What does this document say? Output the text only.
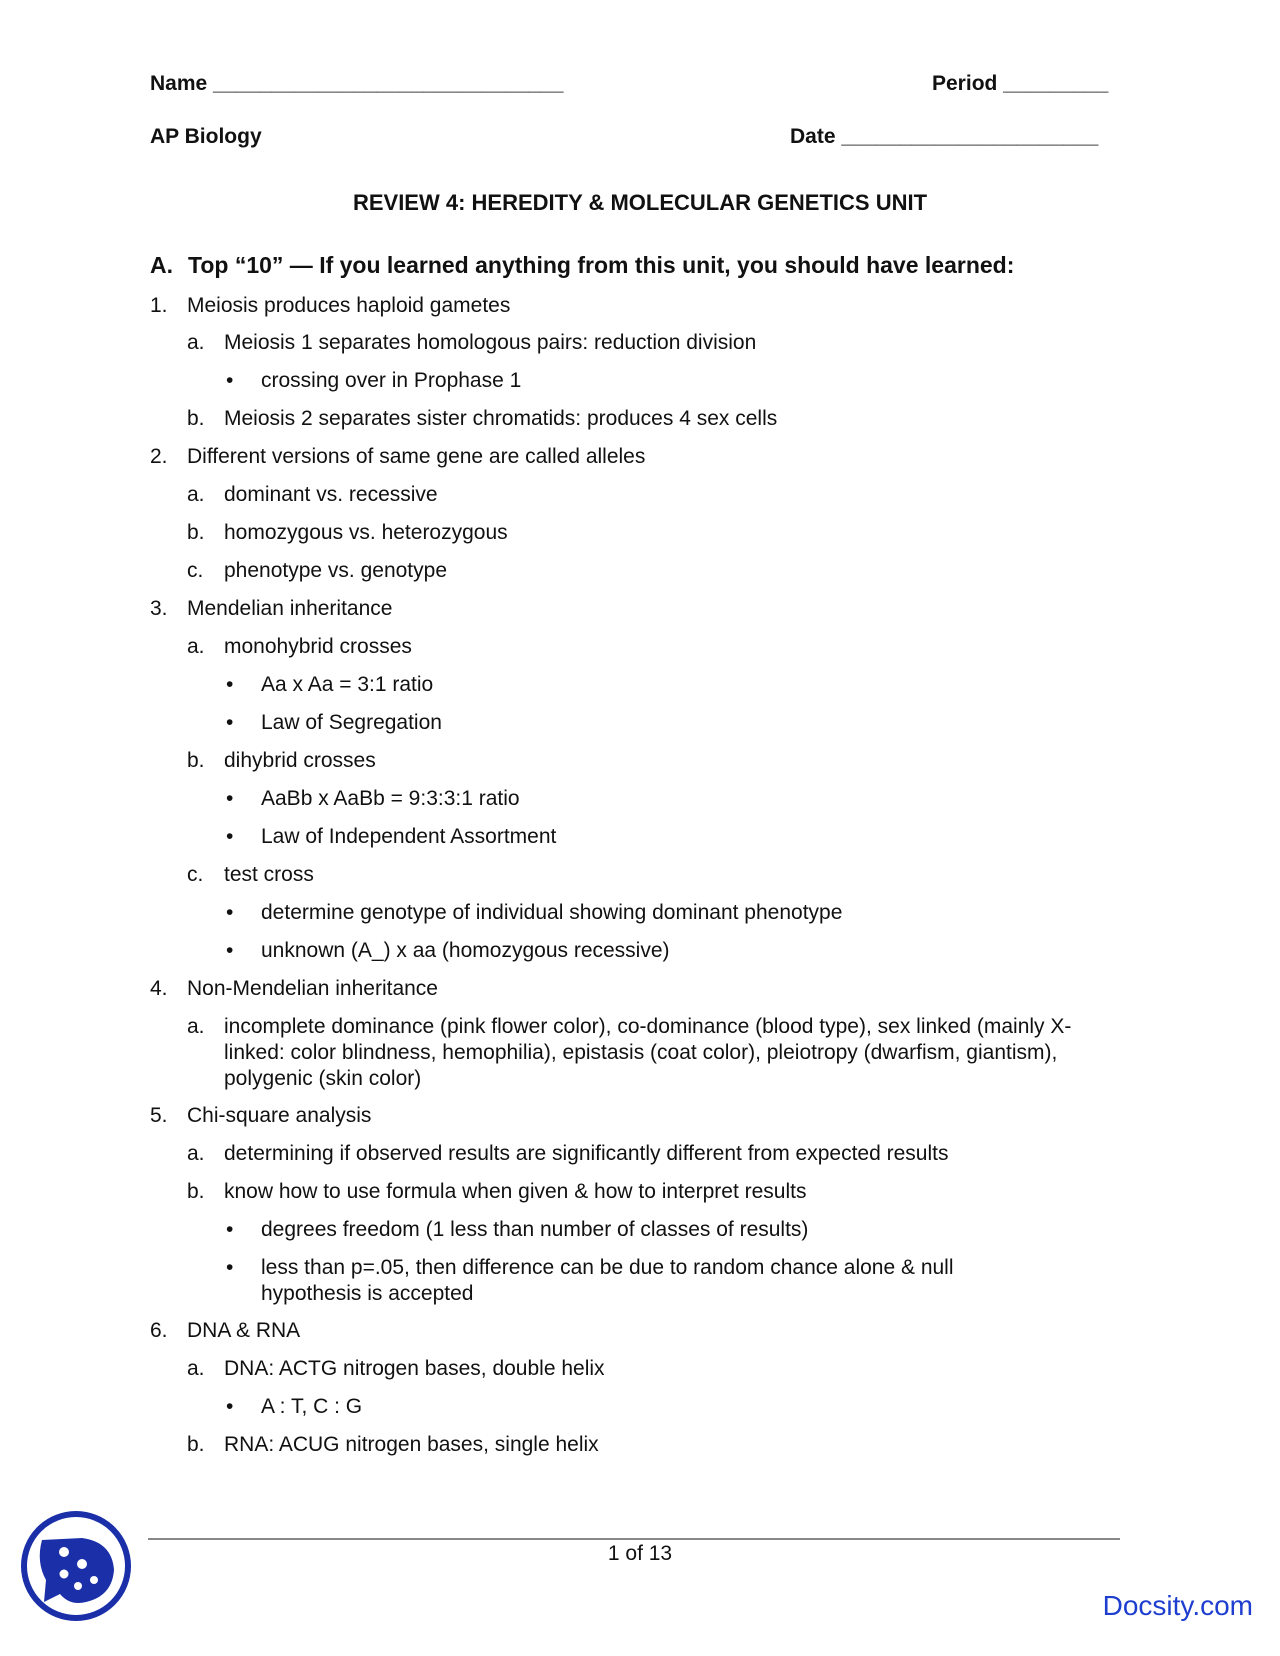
Name ______________________________	Period _________
AP Biology	Date ______________________
REVIEW 4: HEREDITY & MOLECULAR GENETICS UNIT
A. Top “10” — If you learned anything from this unit, you should have learned:
1. Meiosis produces haploid gametes
a. Meiosis 1 separates homologous pairs: reduction division
• crossing over in Prophase 1
b. Meiosis 2 separates sister chromatids: produces 4 sex cells
2. Different versions of same gene are called alleles
a. dominant vs. recessive
b. homozygous vs. heterozygous
c. phenotype vs. genotype
3. Mendelian inheritance
a. monohybrid crosses
• Aa x Aa = 3:1 ratio
• Law of Segregation
b. dihybrid crosses
• AaBb x AaBb = 9:3:3:1 ratio
• Law of Independent Assortment
c. test cross
• determine genotype of individual showing dominant phenotype
• unknown (A_) x aa (homozygous recessive)
4. Non-Mendelian inheritance
a. incomplete dominance (pink flower color), co-dominance (blood type), sex linked (mainly X-linked: color blindness, hemophilia), epistasis (coat color), pleiotropy (dwarfism, giantism), polygenic (skin color)
5. Chi-square analysis
a. determining if observed results are significantly different from expected results
b. know how to use formula when given & how to interpret results
• degrees freedom (1 less than number of classes of results)
• less than p=.05, then difference can be due to random chance alone & null hypothesis is accepted
6. DNA & RNA
a. DNA: ACTG nitrogen bases, double helix
• A : T, C : G
b. RNA: ACUG nitrogen bases, single helix
1 of 13
Docsity.com
